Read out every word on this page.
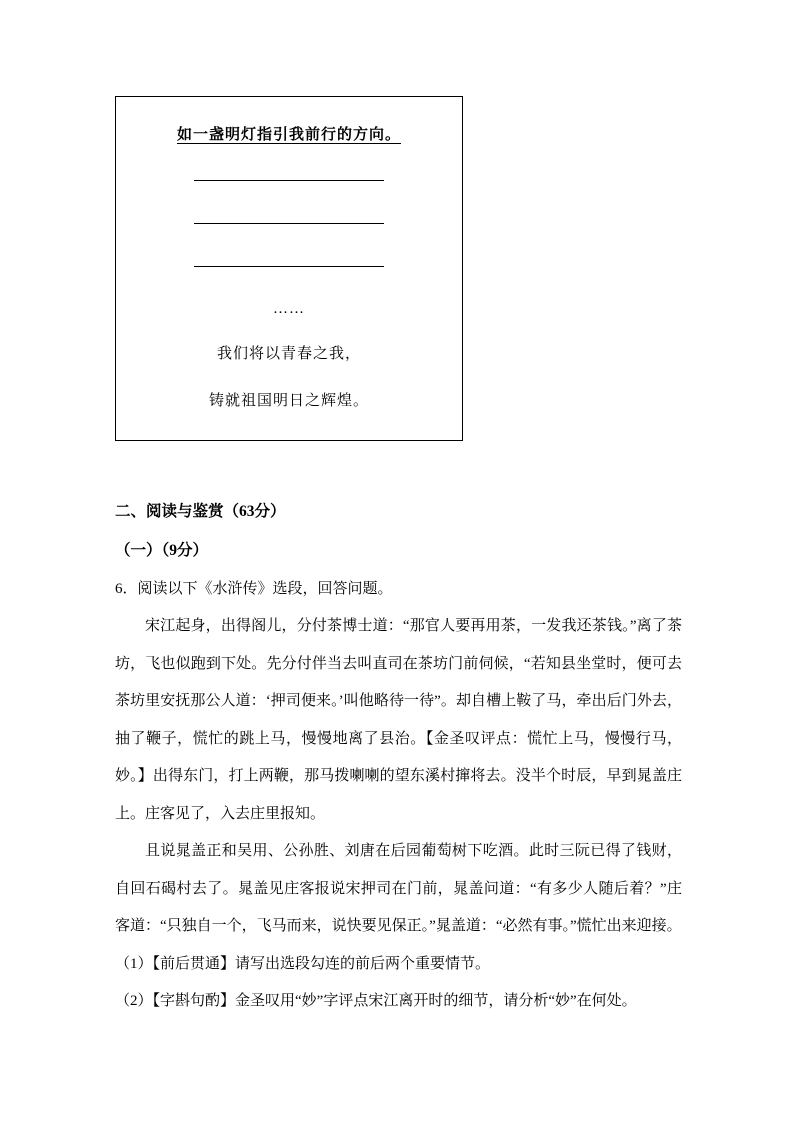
如一盏明灯指引我前行的方向。
……
我们将以青春之我，
铸就祖国明日之辉煌。
二、阅读与鉴赏（63分）
（一）（9分）

6．阅读以下《水浒传》选段，回答问题。

宋江起身，出得阁儿，分付茶博士道：“那官人要再用茶，一发我还茶钱。”离了茶坊，飞也似跑到下处。先分付伴当去叫直司在茶坊门前伺候，“若知县坐堂时，便可去茶坊里安抚那公人道：‘押司便来。’叫他略待一待”。却自槽上鞍了马，牵出后门外去，抽了鞭子，慌忙的跳上马，慢慢地离了县治。【金圣叹评点：慌忙上马，慢慢行马，妙。】出得东门，打上两鞭，那马拨喇喇的望东溪村撺将去。没半个时辰，早到晁盖庄上。庄客见了，入去庄里报知。

且说晁盖正和吴用、公孙胜、刘唐在后园葡萄树下吃酒。此时三阮已得了钱财，自回石碣村去了。晁盖见庄客报说宋押司在门前，晁盖问道：“有多少人随后着？”庄客道：“只独自一个，飞马而来，说快要见保正。”晁盖道：“必然有事。”慌忙出来迎接。

（1）【前后贯通】请写出选段勾连的前后两个重要情节。

（2）【字斟句酌】金圣叹用“妙”字评点宋江离开时的细节，请分析“妙”在何处。
